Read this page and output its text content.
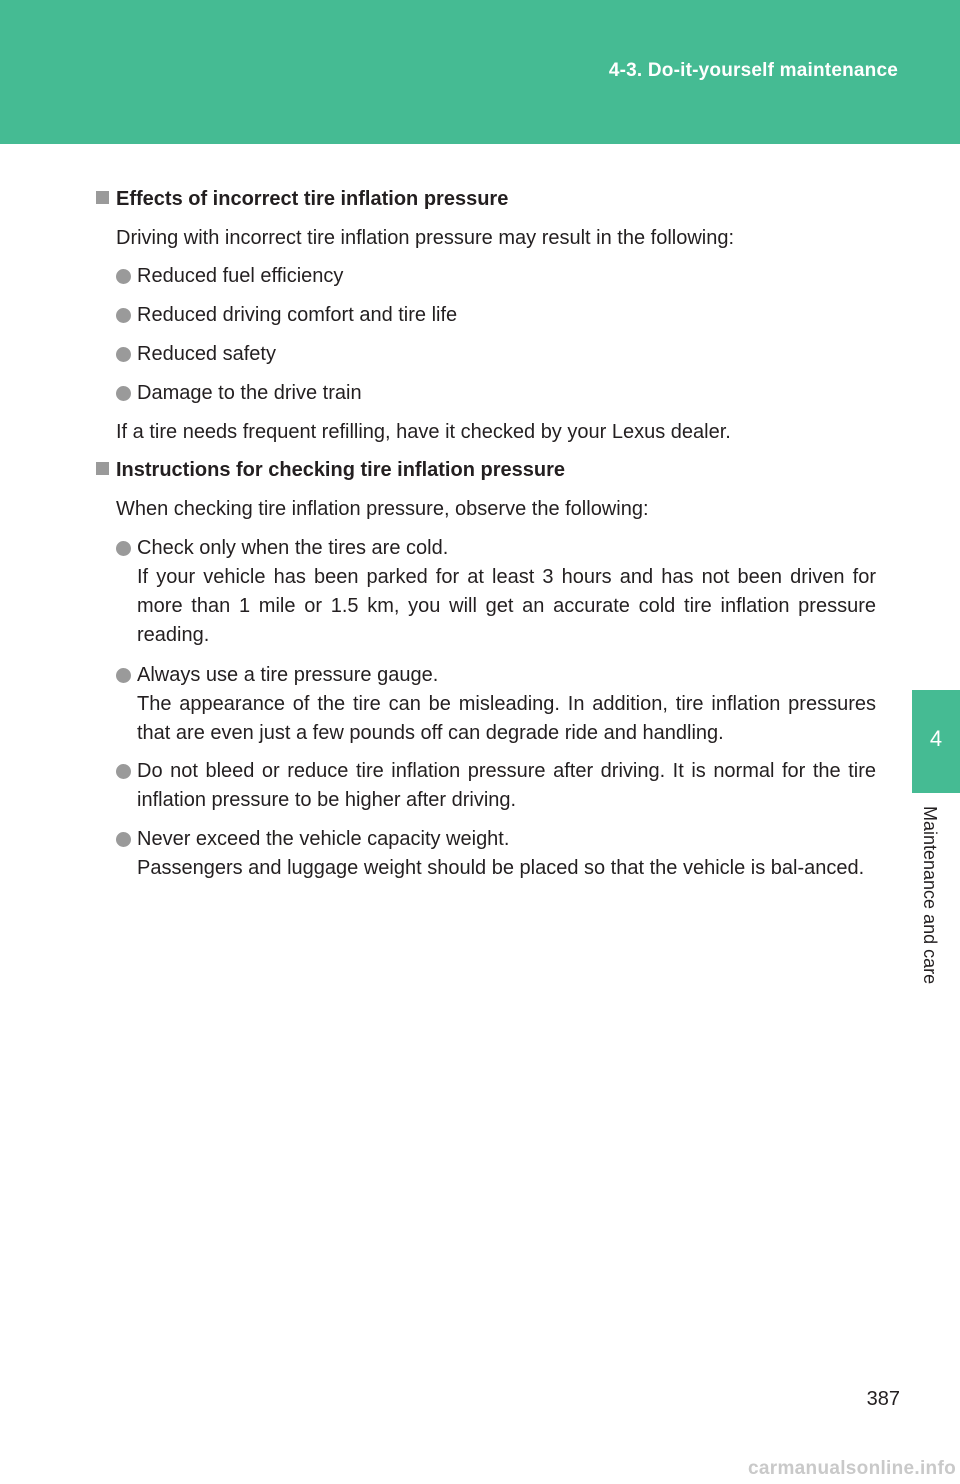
4-3. Do-it-yourself maintenance
4
Maintenance and care
Effects of incorrect tire inflation pressure
Driving with incorrect tire inflation pressure may result in the following:
Reduced fuel efficiency
Reduced driving comfort and tire life
Reduced safety
Damage to the drive train
If a tire needs frequent refilling, have it checked by your Lexus dealer.
Instructions for checking tire inflation pressure
When checking tire inflation pressure, observe the following:
Check only when the tires are cold.
If your vehicle has been parked for at least 3 hours and has not been driven for more than 1 mile or 1.5 km, you will get an accurate cold tire inflation pressure reading.
Always use a tire pressure gauge.
The appearance of the tire can be misleading. In addition, tire inflation pressures that are even just a few pounds off can degrade ride and handling.
Do not bleed or reduce tire inflation pressure after driving. It is normal for the tire inflation pressure to be higher after driving.
Never exceed the vehicle capacity weight.
Passengers and luggage weight should be placed so that the vehicle is bal-anced.
387
carmanualsonline.info
